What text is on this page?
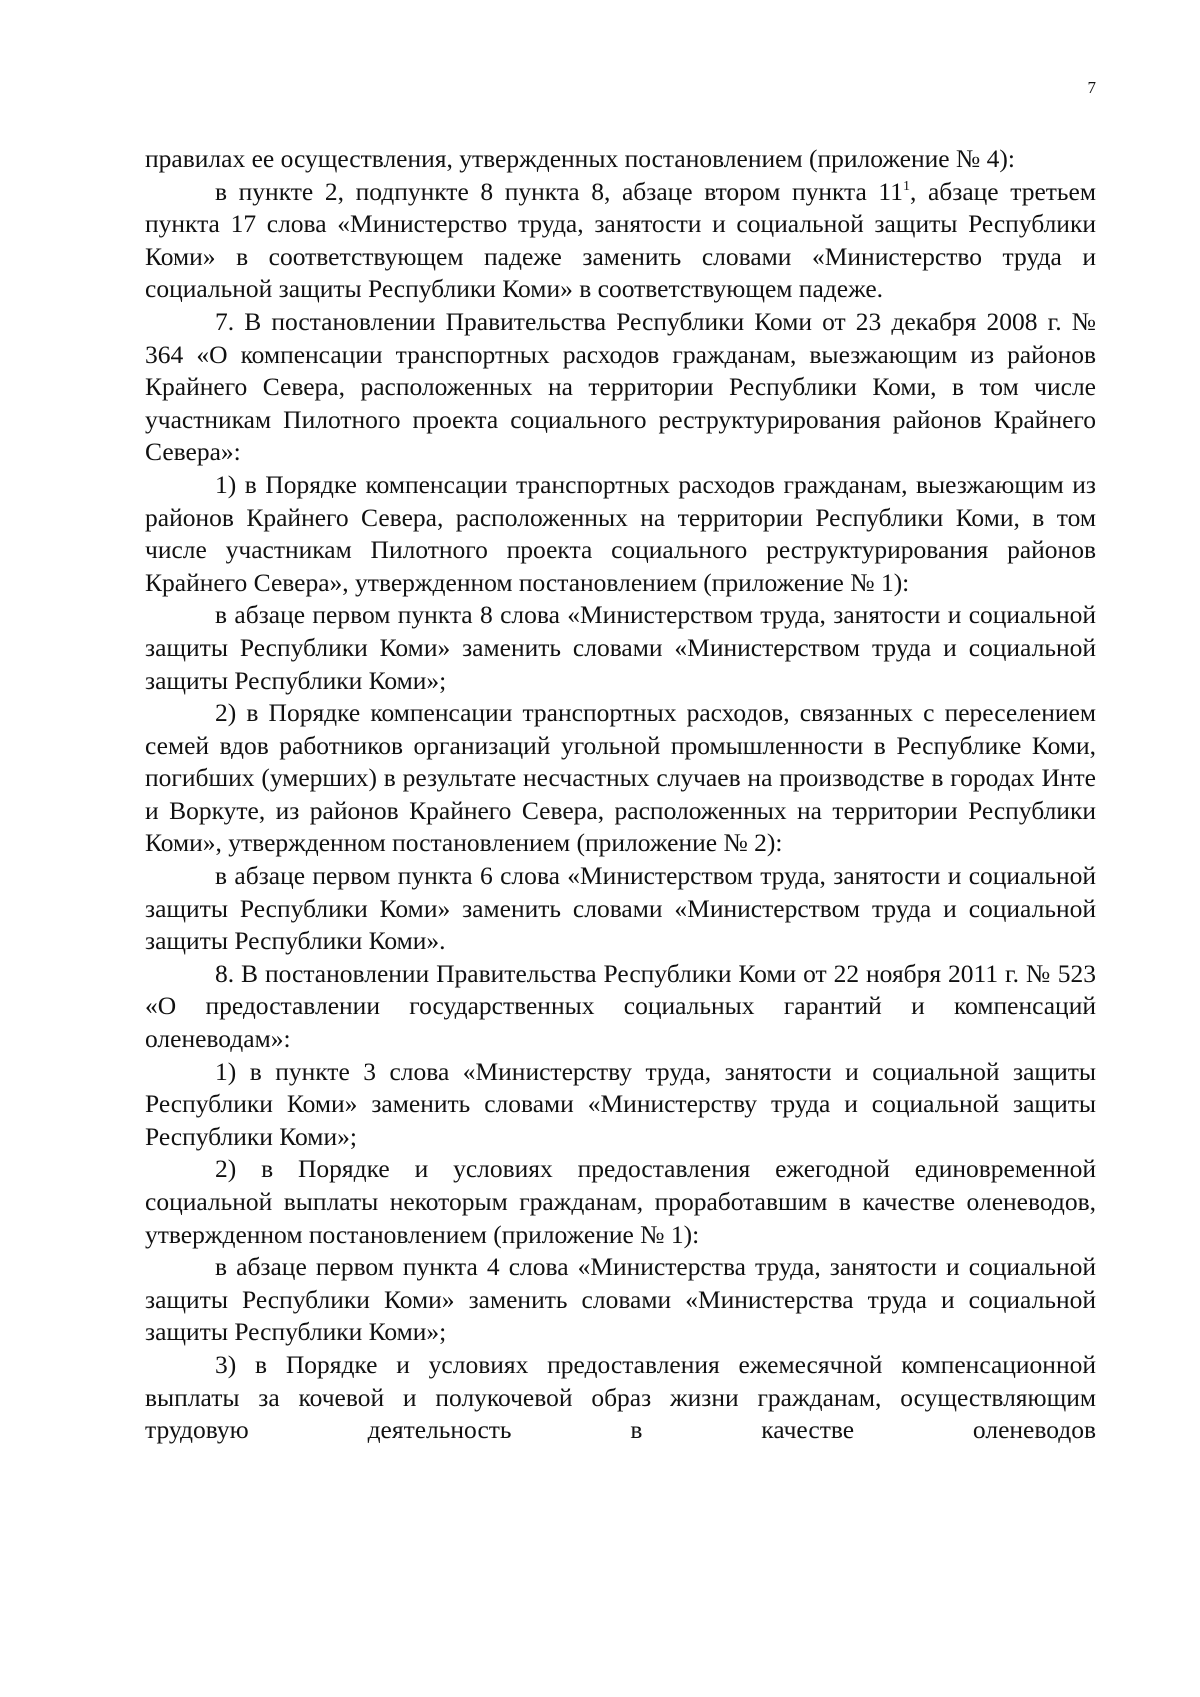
7

правилах ее осуществления, утвержденных постановлением (приложение № 4):

в пункте 2, подпункте 8 пункта 8, абзаце втором пункта $11^1$, абзаце третьем пункта 17 слова «Министерство труда, занятости и социальной защиты Республики Коми» в соответствующем падеже заменить словами «Министерство труда и социальной защиты Республики Коми» в соответствующем падеже.

7. В постановлении Правительства Республики Коми от 23 декабря 2008 г. № 364 «О компенсации транспортных расходов гражданам, выезжающим из районов Крайнего Севера, расположенных на территории Республики Коми, в том числе участникам Пилотного проекта социального реструктурирования районов Крайнего Севера»:

1) в Порядке компенсации транспортных расходов гражданам, выезжающим из районов Крайнего Севера, расположенных на территории Республики Коми, в том числе участникам Пилотного проекта социального реструктурирования районов Крайнего Севера», утвержденном постановлением (приложение № 1):

в абзаце первом пункта 8 слова «Министерством труда, занятости и социальной защиты Республики Коми» заменить словами «Министерством труда и социальной защиты Республики Коми»;

2) в Порядке компенсации транспортных расходов, связанных с переселением семей вдов работников организаций угольной промышленности в Республике Коми, погибших (умерших) в результате несчастных случаев на производстве в городах Инте и Воркуте, из районов Крайнего Севера, расположенных на территории Республики Коми», утвержденном постановлением (приложение № 2):

в абзаце первом пункта 6 слова «Министерством труда, занятости и социальной защиты Республики Коми» заменить словами «Министерством труда и социальной защиты Республики Коми».

8. В постановлении Правительства Республики Коми от 22 ноября 2011 г. № 523 «О предоставлении государственных социальных гарантий и компенсаций оленеводам»:

1) в пункте 3 слова «Министерству труда, занятости и социальной защиты Республики Коми» заменить словами «Министерству труда и социальной защиты Республики Коми»;

2) в Порядке и условиях предоставления ежегодной единовременной социальной выплаты некоторым гражданам, проработавшим в качестве оленеводов, утвержденном постановлением (приложение № 1):

в абзаце первом пункта 4 слова «Министерства труда, занятости и социальной защиты Республики Коми» заменить словами «Министерства труда и социальной защиты Республики Коми»;

3) в Порядке и условиях предоставления ежемесячной компенсационной выплаты за кочевой и полукочевой образ жизни гражданам, осуществляющим трудовую деятельность в качестве оленеводов
